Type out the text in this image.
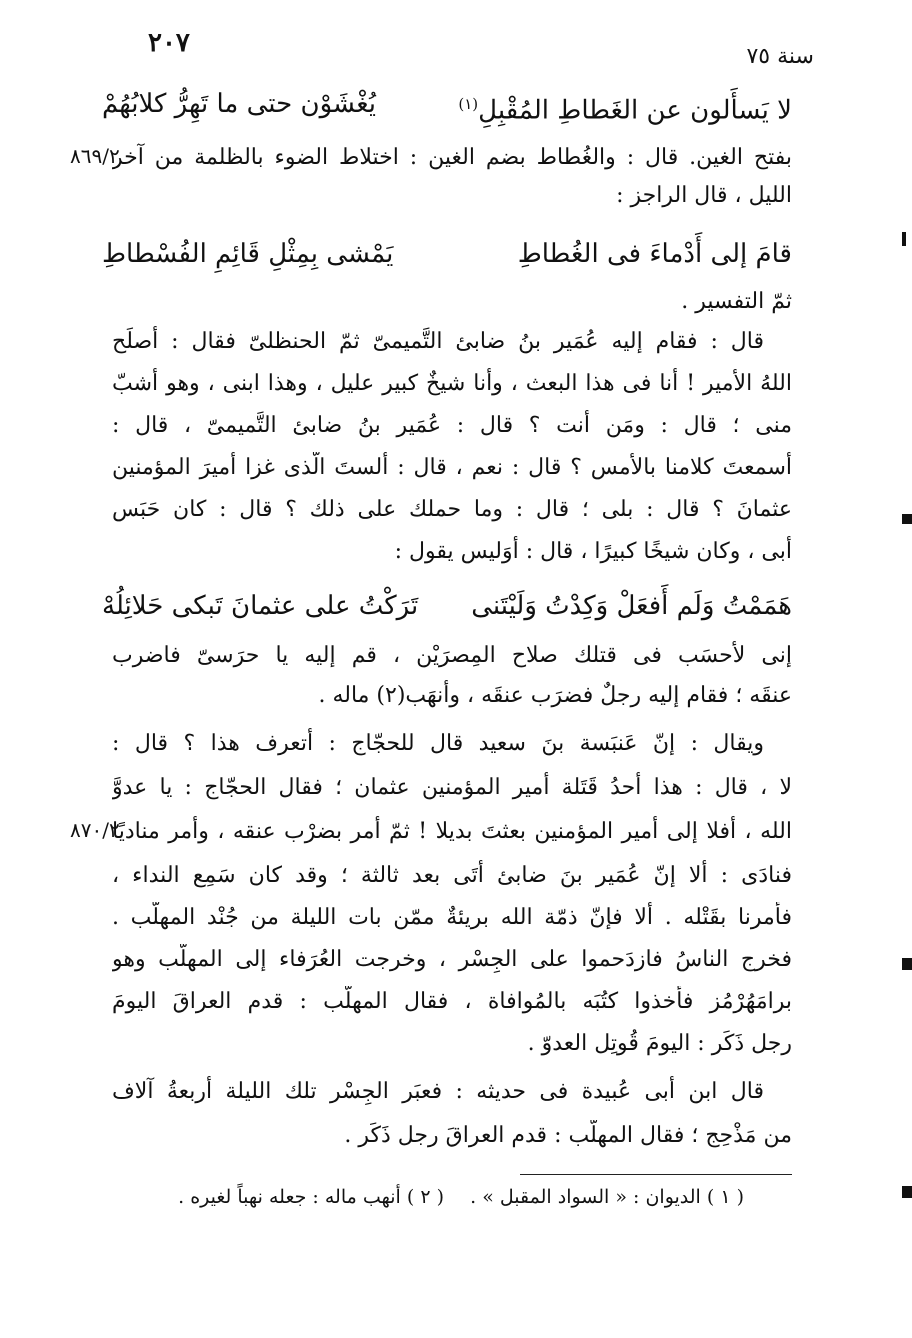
٢٠٧	سنة ٧٥
لا يَسأَلون عن الغَطاطِ المُقْبِلِ$^{(١)}$
يُغْشَوْن حتى ما تَهِرُّ كلابُهُمْ
بفتح الغين. قال : والغُطاط بضم الغين : اختلاط الضوء بالظلمة من آخر
٨٦٩/٢
الليل ، قال الراجز :
قامَ إلى أَدْماءَ فى الغُطاطِ
يَمْشى بِمِثْلِ قَائِمِ الفُسْطاطِ
ثمّ التفسير .
قال : فقام إليه عُمَير بنُ ضابئ التَّميمىّ ثمّ الحنظلىّ فقال : أصلَح
اللهُ الأمير ! أنا فى هذا البعث ، وأنا شيخٌ كبير عليل ، وهذا ابنى ، وهو أشبّ
منى ؛ قال : ومَن أنت ؟ قال : عُمَير بنُ ضابئ التَّميمىّ ، قال :
أسمعتَ كلامنا بالأمس ؟ قال : نعم ، قال : ألستَ الّذى غزا أميرَ المؤمنين
عثمانَ ؟ قال : بلى ؛ قال : وما حملك على ذلك ؟ قال : كان حَبَس
أبى ، وكان شيخًا كبيرًا ، قال : أوَليس يقول :
هَمَمْتُ وَلَم أَفعَلْ وَكِدْتُ وَلَيْتَنى
تَرَكْتُ على عثمانَ تَبكى حَلائِلُهْ
إنى لأحسَب فى قتلك صلاح المِصرَيْن ، قم إليه يا حرَسىّ فاضرب
عنقَه ؛ فقام إليه رجلٌ فضرَب عنقَه ، وأنهَب(٢) ماله .
ويقال : إنّ عَنبَسة بنَ سعيد قال للحجّاج : أتعرف هذا ؟ قال :
لا ، قال : هذا أحدُ قَتَلة أمير المؤمنين عثمان ؛ فقال الحجّاج : يا عدوَّ
الله ، أفلا إلى أمير المؤمنين بعثتَ بديلا ! ثمّ أمر بضرْب عنقه ، وأمر مناديًا
٨٧٠/٢
فنادَى : ألا إنّ عُمَير بنَ ضابئ أتَى بعد ثالثة ؛ وقد كان سَمِع النداء ،
فأمرنا بقَتْله . ألا فإنّ ذمّة الله بريئةٌ ممّن بات الليلة من جُنْد المهلَّب .
فخرج الناسُ فازدَحموا على الجِسْر ، وخرجت العُرَفاء إلى المهلَّب وهو
برامَهُرْمُز فأخذوا كتُبَه بالمُوافاة ، فقال المهلَّب : قدم العراقَ اليومَ
رجل ذَكَر : اليومَ قُوتِل العدوّ .
قال ابن أبى عُبيدة فى حديثه : فعبَر الجِسْر تلك الليلة أربعةُ آلاف
من مَذْحِج ؛ فقال المهلَّب : قدم العراقَ رجل ذَكَر .
( ١ ) الديوان : « السواد المقبل » .
( ٢ ) أنهب ماله : جعله نهباً لغيره .
